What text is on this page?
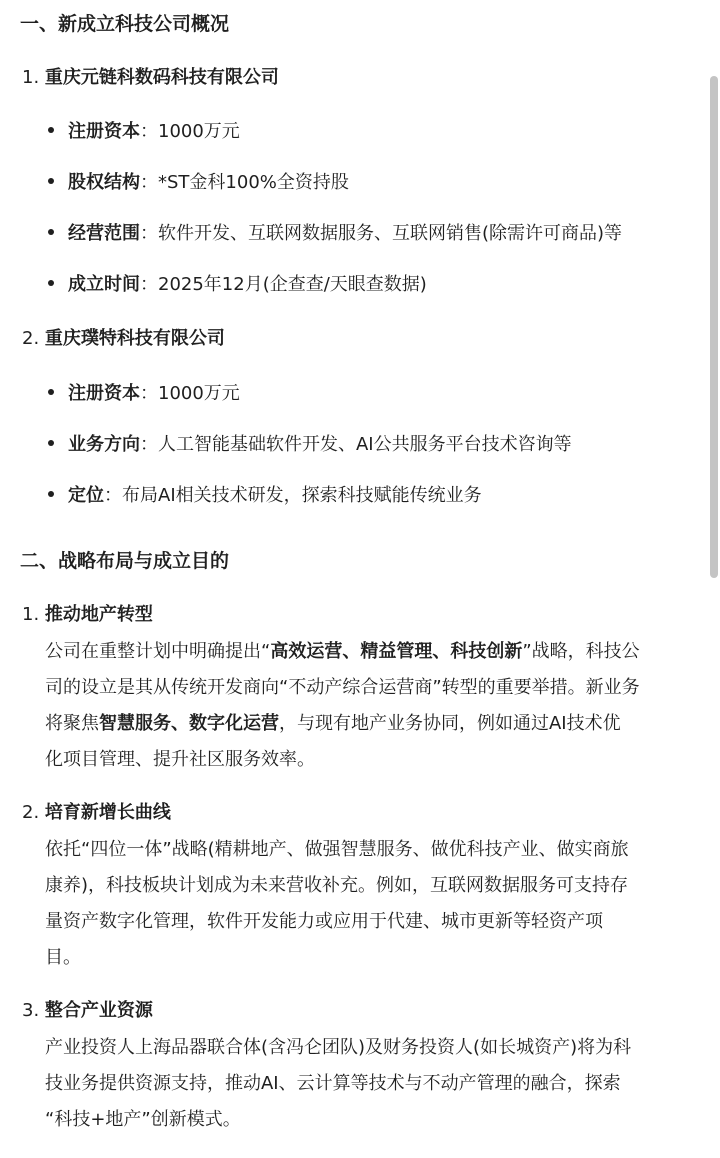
一、新成立科技公司概况
1. 重庆元链科数码科技有限公司
注册资本：1000万元
股权结构：*ST金科100%全资持股
经营范围：软件开发、互联网数据服务、互联网销售(除需许可商品)等
成立时间：2025年12月(企查查/天眼查数据)
2. 重庆璞特科技有限公司
注册资本：1000万元
业务方向：人工智能基础软件开发、AI公共服务平台技术咨询等
定位：布局AI相关技术研发，探索科技赋能传统业务
二、战略布局与成立目的
1. 推动地产转型
公司在重整计划中明确提出“高效运营、精益管理、科技创新”战略，科技公
司的设立是其从传统开发商向“不动产综合运营商”转型的重要举措。新业务
将聚焦智慧服务、数字化运营，与现有地产业务协同，例如通过AI技术优
化项目管理、提升社区服务效率。
2. 培育新增长曲线
依托“四位一体”战略(精耕地产、做强智慧服务、做优科技产业、做实商旅
康养)，科技板块计划成为未来营收补充。例如，互联网数据服务可支持存
量资产数字化管理，软件开发能力或应用于代建、城市更新等轻资产项
目。
3. 整合产业资源
产业投资人上海品器联合体(含冯仑团队)及财务投资人(如长城资产)将为科
技业务提供资源支持，推动AI、云计算等技术与不动产管理的融合，探索
“科技+地产”创新模式。
